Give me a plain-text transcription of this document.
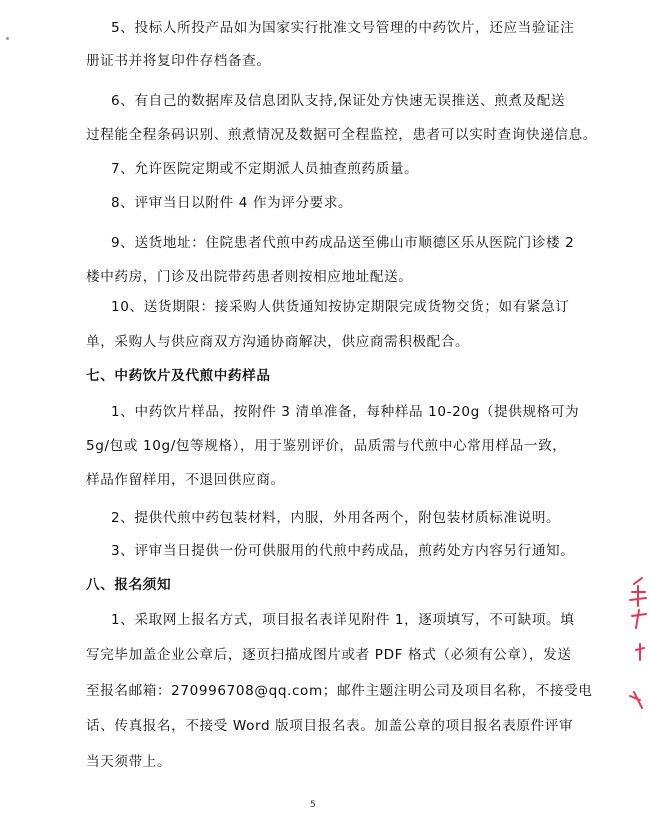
5、投标人所投产品如为国家实行批准文号管理的中药饮片，还应当验证注
册证书并将复印件存档备查。
6、有自己的数据库及信息团队支持,保证处方快速无误推送、煎煮及配送
过程能全程条码识别、煎煮情况及数据可全程监控，患者可以实时查询快递信息。
7、允许医院定期或不定期派人员抽查煎药质量。
8、评审当日以附件 4 作为评分要求。
9、送货地址：住院患者代煎中药成品送至佛山市顺德区乐从医院门诊楼 2
楼中药房，门诊及出院带药患者则按相应地址配送。
10、送货期限：接采购人供货通知按协定期限完成货物交货；如有紧急订
单，采购人与供应商双方沟通协商解决，供应商需积极配合。
七、中药饮片及代煎中药样品
1、中药饮片样品，按附件 3 清单准备，每种样品 10-20g（提供规格可为
5g/包或 10g/包等规格），用于鉴别评价，品质需与代煎中心常用样品一致，
样品作留样用，不退回供应商。
2、提供代煎中药包装材料，内服，外用各两个，附包装材质标准说明。
3、评审当日提供一份可供服用的代煎中药成品，煎药处方内容另行通知。
八、报名须知
1、采取网上报名方式，项目报名表详见附件 1，逐项填写，不可缺项。填
写完毕加盖企业公章后，逐页扫描成图片或者 PDF 格式（必须有公章），发送
至报名邮箱：270996708@qq.com；邮件主题注明公司及项目名称，不接受电
话、传真报名，不接受 Word 版项目报名表。加盖公章的项目报名表原件评审
当天须带上。
5
